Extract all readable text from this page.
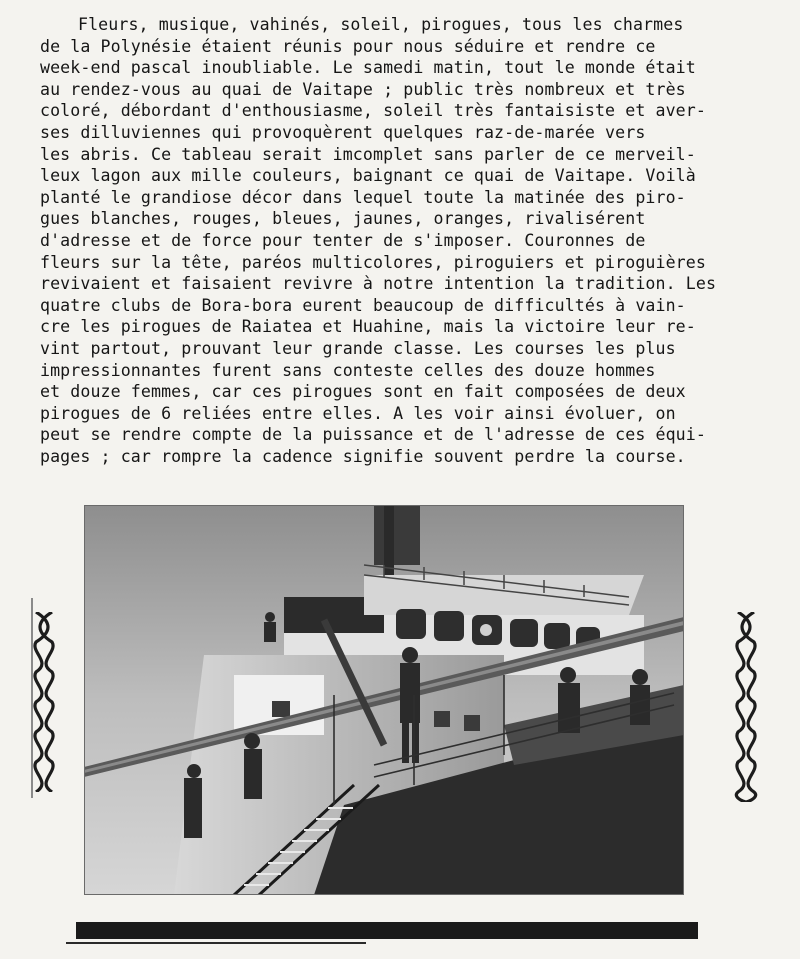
Fleurs, musique, vahinés, soleil, pirogues, tous les charmes
de la Polynésie étaient réunis pour nous séduire et rendre ce
week-end pascal inoubliable. Le samedi matin, tout le monde était
au rendez-vous au quai de Vaitape ; public très nombreux et très
coloré, débordant d'enthousiasme, soleil très fantaisiste et aver-
ses dilluviennes qui provoquèrent quelques raz-de-marée vers
les abris. Ce tableau serait imcomplet sans parler de ce merveil-
leux lagon aux mille couleurs, baignant ce quai de Vaitape. Voilà
planté le grandiose décor dans lequel toute la matinée des piro-
gues blanches, rouges, bleues, jaunes, oranges, rivalisérent
d'adresse et de force pour tenter de s'imposer. Couronnes de
fleurs sur la tête, paréos multicolores, piroguiers et piroguières
revivaient et faisaient revivre à notre intention la tradition. Les
quatre clubs de Bora-bora eurent beaucoup de difficultés à vain-
cre les pirogues de Raiatea et Huahine, mais la victoire leur re-
vint partout, prouvant leur grande classe. Les courses les plus
impressionnantes furent sans conteste celles des douze hommes
et douze femmes, car ces pirogues sont en fait composées de deux
pirogues de 6 reliées entre elles. A les voir ainsi évoluer, on
peut se rendre compte de la puissance et de l'adresse de ces équi-
pages ; car rompre la cadence signifie souvent perdre la course.
